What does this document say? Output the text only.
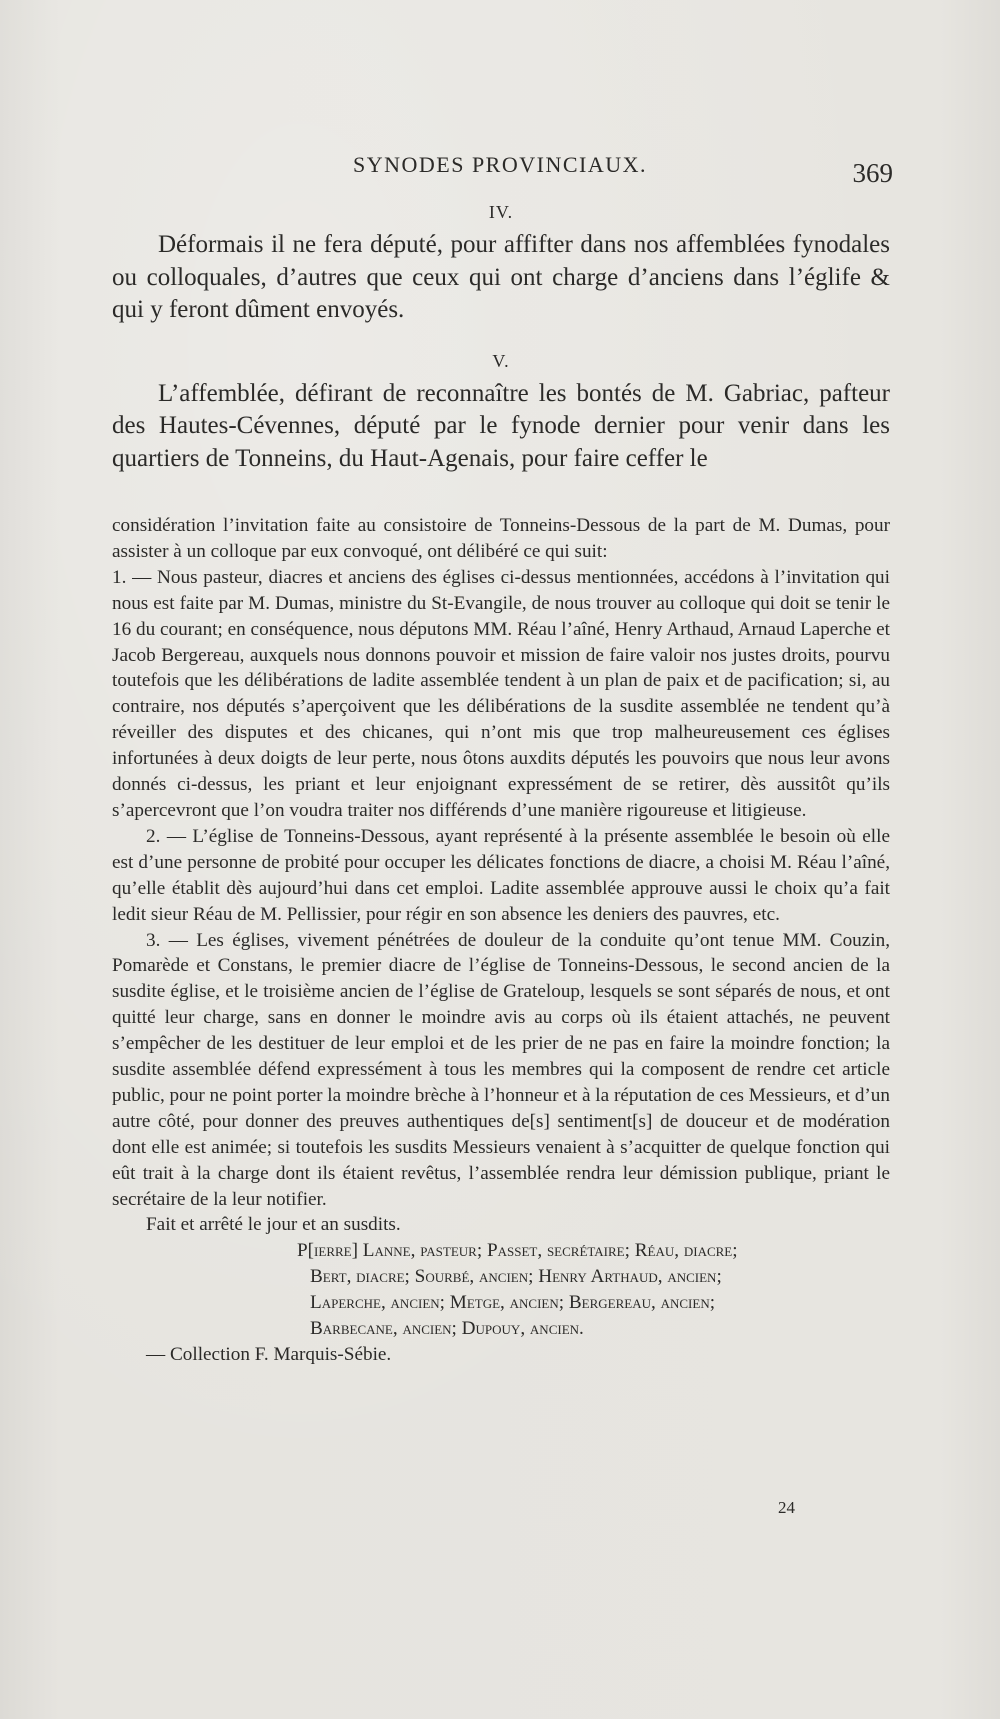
SYNODES PROVINCIAUX.	369
IV.

Déformais il ne fera député, pour affifter dans nos affemblées fynodales ou colloquales, d’autres que ceux qui ont charge d’anciens dans l’églife & qui y feront dûment envoyés.

V.

L’affemblée, défirant de reconnaître les bontés de M. Gabriac, pafteur des Hautes-Cévennes, député par le fynode dernier pour venir dans les quartiers de Tonneins, du Haut-Agenais, pour faire ceffer le

considération l’invitation faite au consistoire de Tonneins-Dessous de la part de M. Dumas, pour assister à un colloque par eux convoqué, ont délibéré ce qui suit:

1. — Nous pasteur, diacres et anciens des églises ci-dessus mentionnées, accédons à l’invitation qui nous est faite par M. Dumas, ministre du St-Evangile, de nous trouver au colloque qui doit se tenir le 16 du courant; en conséquence, nous députons MM. Réau l’aîné, Henry Arthaud, Arnaud Laperche et Jacob Bergereau, auxquels nous donnons pouvoir et mission de faire valoir nos justes droits, pourvu toutefois que les délibérations de ladite assemblée tendent à un plan de paix et de pacification; si, au contraire, nos députés s’aperçoivent que les délibérations de la susdite assemblée ne tendent qu’à réveiller des disputes et des chicanes, qui n’ont mis que trop malheureusement ces églises infortunées à deux doigts de leur perte, nous ôtons auxdits députés les pouvoirs que nous leur avons donnés ci-dessus, les priant et leur enjoignant expressément de se retirer, dès aussitôt qu’ils s’apercevront que l’on voudra traiter nos différends d’une manière rigoureuse et litigieuse.

2. — L’église de Tonneins-Dessous, ayant représenté à la présente assemblée le besoin où elle est d’une personne de probité pour occuper les délicates fonctions de diacre, a choisi M. Réau l’aîné, qu’elle établit dès aujourd’hui dans cet emploi. Ladite assemblée approuve aussi le choix qu’a fait ledit sieur Réau de M. Pellissier, pour régir en son absence les deniers des pauvres, etc.

3. — Les églises, vivement pénétrées de douleur de la conduite qu’ont tenue MM. Couzin, Pomarède et Constans, le premier diacre de l’église de Tonneins-Dessous, le second ancien de la susdite église, et le troisième ancien de l’église de Grateloup, lesquels se sont séparés de nous, et ont quitté leur charge, sans en donner le moindre avis au corps où ils étaient attachés, ne peuvent s’empêcher de les destituer de leur emploi et de les prier de ne pas en faire la moindre fonction; la susdite assemblée défend expressément à tous les membres qui la composent de rendre cet article public, pour ne point porter la moindre brèche à l’honneur et à la réputation de ces Messieurs, et d’un autre côté, pour donner des preuves authentiques de[s] sentiment[s] de douceur et de modération dont elle est animée; si toutefois les susdits Messieurs venaient à s’acquitter de quelque fonction qui eût trait à la charge dont ils étaient revêtus, l’assemblée rendra leur démission publique, priant le secrétaire de la leur notifier.

Fait et arrêté le jour et an susdits.

P[ierre] Lanne, pasteur; Passet, secrétaire; Réau, diacre;
Bert, diacre; Sourbé, ancien; Henry Arthaud, ancien;
Laperche, ancien; Metge, ancien; Bergereau, ancien;
Barbecane, ancien; Dupouy, ancien.

— Collection F. Marquis-Sébie.

24
